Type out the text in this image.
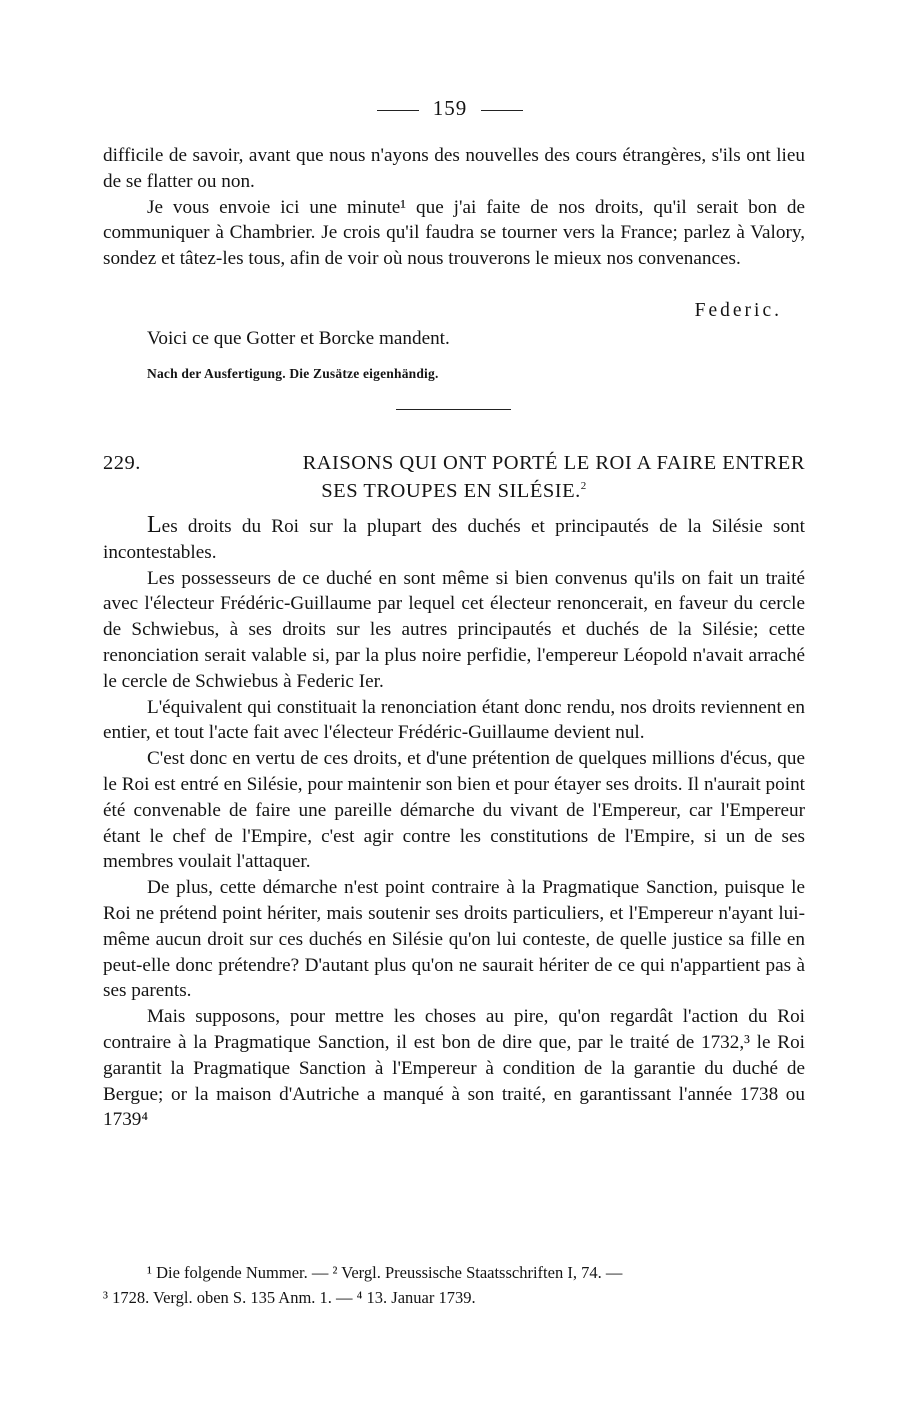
159

difficile de savoir, avant que nous n'ayons des nouvelles des cours étrangères, s'ils ont lieu de se flatter ou non.

Je vous envoie ici une minute¹ que j'ai faite de nos droits, qu'il serait bon de communiquer à Chambrier. Je crois qu'il faudra se tourner vers la France; parlez à Valory, sondez et tâtez-les tous, afin de voir où nous trouverons le mieux nos convenances.

Federic.
Voici ce que Gotter et Borcke mandent.
Nach der Ausfertigung. Die Zusätze eigenhändig.
229.	RAISONS QUI ONT PORTÉ LE ROI A FAIRE ENTRER
SES TROUPES EN SILÉSIE.$^2$

Les droits du Roi sur la plupart des duchés et principautés de la Silésie sont incontestables.

Les possesseurs de ce duché en sont même si bien convenus qu'ils on fait un traité avec l'électeur Frédéric-Guillaume par lequel cet électeur renoncerait, en faveur du cercle de Schwiebus, à ses droits sur les autres principautés et duchés de la Silésie; cette renonciation serait valable si, par la plus noire perfidie, l'empereur Léopold n'avait arraché le cercle de Schwiebus à Federic Ier.

L'équivalent qui constituait la renonciation étant donc rendu, nos droits reviennent en entier, et tout l'acte fait avec l'électeur Frédéric-Guillaume devient nul.

C'est donc en vertu de ces droits, et d'une prétention de quelques millions d'écus, que le Roi est entré en Silésie, pour maintenir son bien et pour étayer ses droits. Il n'aurait point été convenable de faire une pareille démarche du vivant de l'Empereur, car l'Empereur étant le chef de l'Empire, c'est agir contre les constitutions de l'Empire, si un de ses membres voulait l'attaquer.

De plus, cette démarche n'est point contraire à la Pragmatique Sanction, puisque le Roi ne prétend point hériter, mais soutenir ses droits particuliers, et l'Empereur n'ayant lui-même aucun droit sur ces duchés en Silésie qu'on lui conteste, de quelle justice sa fille en peut-elle donc prétendre? D'autant plus qu'on ne saurait hériter de ce qui n'appartient pas à ses parents.

Mais supposons, pour mettre les choses au pire, qu'on regardât l'action du Roi contraire à la Pragmatique Sanction, il est bon de dire que, par le traité de 1732,³ le Roi garantit la Pragmatique Sanction à l'Empereur à condition de la garantie du duché de Bergue; or la maison d'Autriche a manqué à son traité, en garantissant l'année 1738 ou 1739⁴

¹ Die folgende Nummer. — ² Vergl. Preussische Staatsschriften I, 74. —

³ 1728. Vergl. oben S. 135 Anm. 1. — ⁴ 13. Januar 1739.
